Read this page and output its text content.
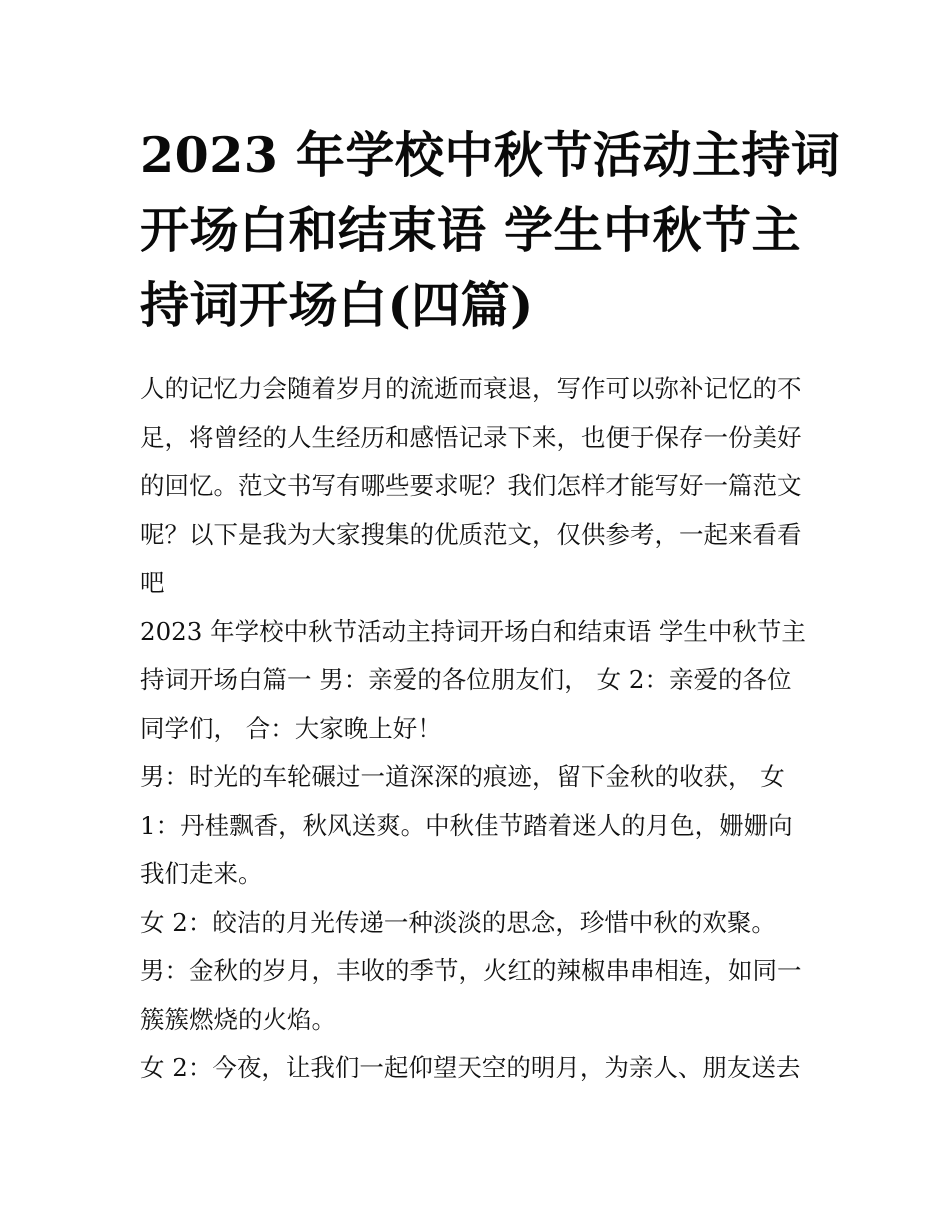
2023 年学校中秋节活动主持词
开场白和结束语 学生中秋节主
持词开场白(四篇)

人的记忆力会随着岁月的流逝而衰退，写作可以弥补记忆的不
足，将曾经的人生经历和感悟记录下来，也便于保存一份美好
的回忆。范文书写有哪些要求呢？我们怎样才能写好一篇范文
呢？以下是我为大家搜集的优质范文，仅供参考，一起来看看
吧

2023 年学校中秋节活动主持词开场白和结束语 学生中秋节主
持词开场白篇一 男：亲爱的各位朋友们， 女 2：亲爱的各位
同学们， 合：大家晚上好！

男：时光的车轮碾过一道深深的痕迹，留下金秋的收获， 女
1：丹桂飘香，秋风送爽。中秋佳节踏着迷人的月色，姗姗向
我们走来。

女 2：皎洁的月光传递一种淡淡的思念，珍惜中秋的欢聚。

男：金秋的岁月，丰收的季节，火红的辣椒串串相连，如同一
簇簇燃烧的火焰。

女 2：今夜，让我们一起仰望天空的明月，为亲人、朋友送去
